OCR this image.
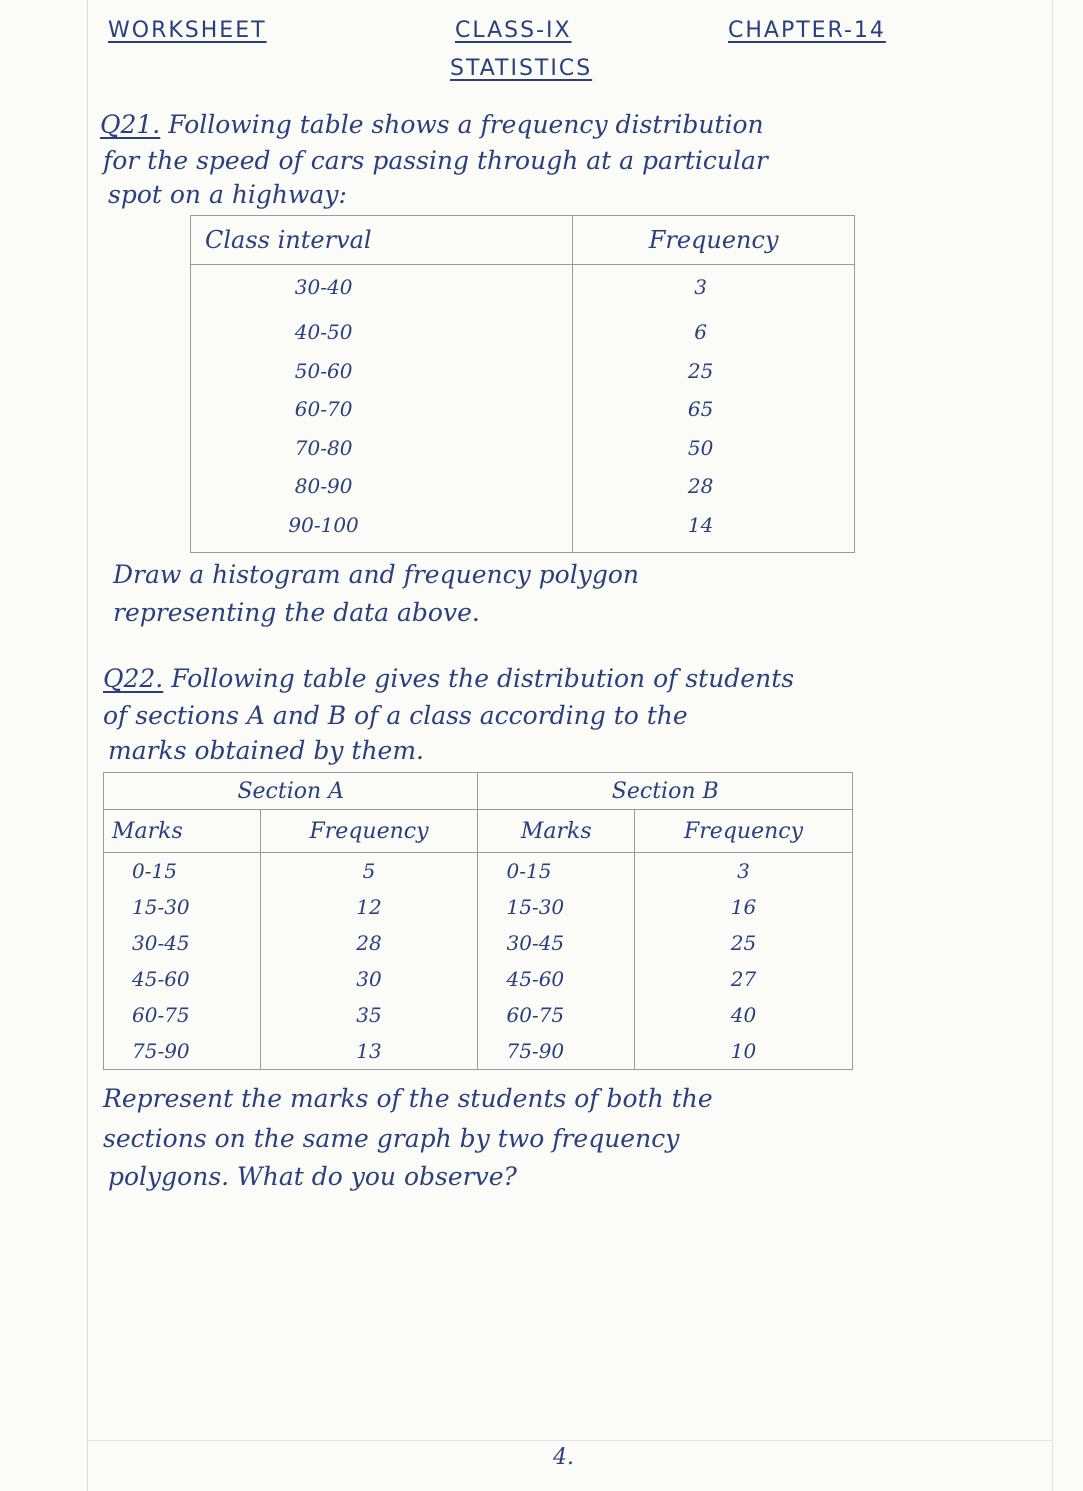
WORKSHEET	CLASS-IX	CHAPTER-14
STATISTICS
Q21. Following table shows a frequency distribution
for the speed of cars passing through at a particular
spot on a highway:
Class interval	Frequency
30-40	3
40-50	6
50-60	25
60-70	65
70-80	50
80-90	28
90-100	14
Draw a histogram and frequency polygon
representing the data above.
Q22. Following table gives the distribution of students
of sections A and B of a class according to the
marks obtained by them.
Section A		Section B	
Marks	Frequency	Marks	Frequency
0-15	5	0-15	3
15-30	12	15-30	16
30-45	28	30-45	25
45-60	30	45-60	27
60-75	35	60-75	40
75-90	13	75-90	10
Represent the marks of the students of both the
sections on the same graph by two frequency
polygons. What do you observe?
4.
